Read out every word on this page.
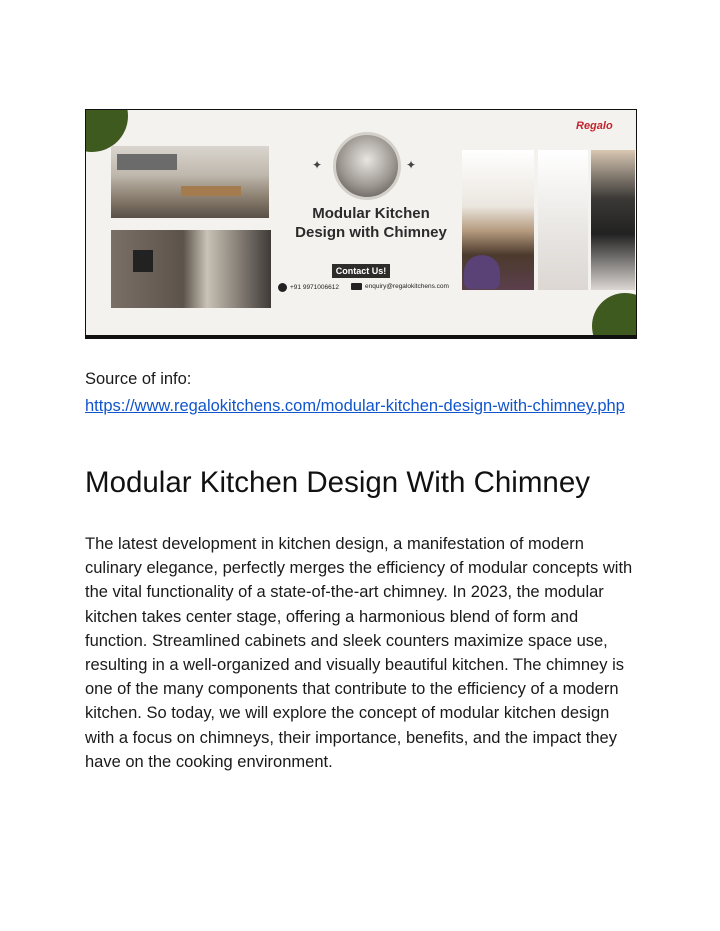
✦	✦
Modular Kitchen
Design with Chimney
Contact Us!
+91 9971006612	enquiry@regalokitchens.com
Regalo
Source of info:
https://www.regalokitchens.com/modular-kitchen-design-with-chimney.php
Modular Kitchen Design With Chimney

The latest development in kitchen design, a manifestation of modern culinary elegance, perfectly merges the efficiency of modular concepts with the vital functionality of a state-of-the-art chimney. In 2023, the modular kitchen takes center stage, offering a harmonious blend of form and function. Streamlined cabinets and sleek counters maximize space use, resulting in a well-organized and visually beautiful kitchen. The chimney is one of the many components that contribute to the efficiency of a modern kitchen. So today, we will explore the concept of modular kitchen design with a focus on chimneys, their importance, benefits, and the impact they have on the cooking environment.
